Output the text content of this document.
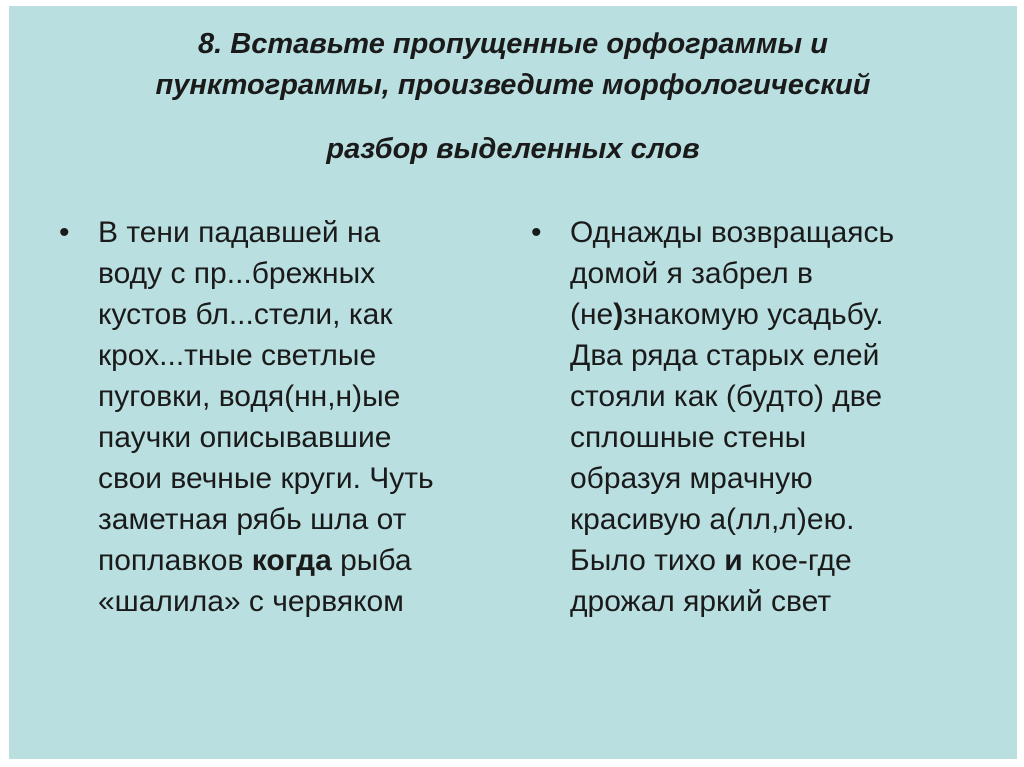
8. Вставьте пропущенные орфограммы и
пунктограммы, произведите морфологический
разбор выделенных слов
• В тени падавшей на
воду с пр...брежных
кустов бл...стели, как
крох...тные светлые
пуговки, водя(нн,н)ые
паучки описывавшие
свои вечные круги. Чуть
заметная рябь шла от
поплавков когда рыба
«шалила» с червяком
• Однажды возвращаясь
домой я забрел в
(не)знакомую усадьбу.
Два ряда старых елей
стояли как (будто) две
сплошные стены
образуя мрачную
красивую а(лл,л)ею.
Было тихо и кое-где
дрожал яркий свет
